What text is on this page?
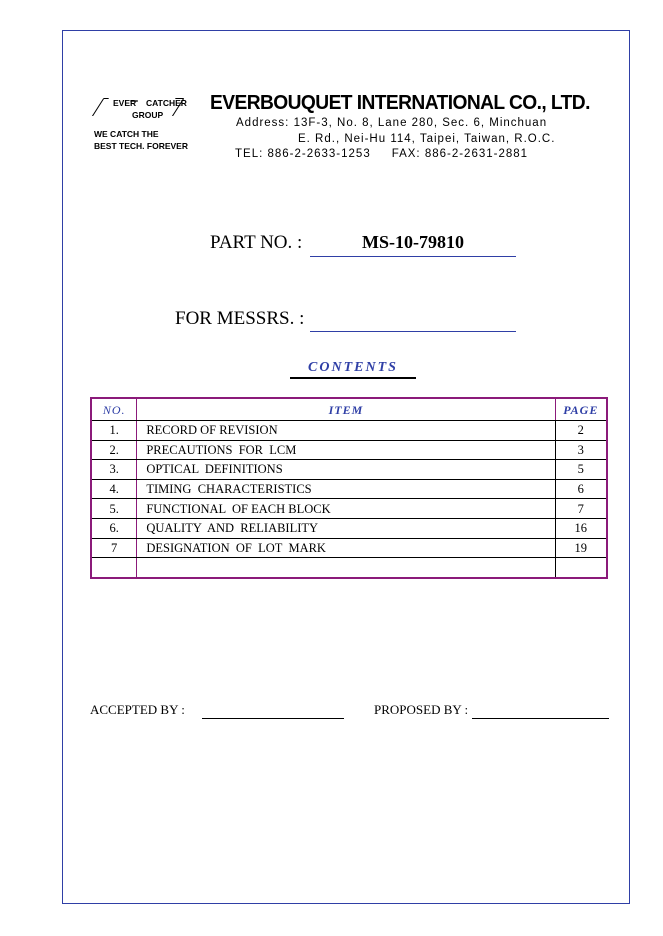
EVER CATCHER
GROUP
WE CATCH THE
BEST TECH. FOREVER
EVERBOUQUET INTERNATIONAL CO., LTD.
Address: 13F-3, No. 8, Lane 280, Sec. 6, Minchuan
E. Rd., Nei-Hu 114, Taipei, Taiwan, R.O.C.
TEL: 886-2-2633-1253     FAX: 886-2-2631-2881
PART NO. :	MS-10-79810
FOR MESSRS. :
CONTENTS
NO.	ITEM	PAGE
1.	RECORD OF REVISION	2
2.	PRECAUTIONS  FOR  LCM	3
3.	OPTICAL  DEFINITIONS	5
4.	TIMING  CHARACTERISTICS	6
5.	FUNCTIONAL  OF EACH BLOCK	7
6.	QUALITY  AND  RELIABILITY	16
7	DESIGNATION  OF  LOT  MARK	19

ACCEPTED BY :	PROPOSED BY :
